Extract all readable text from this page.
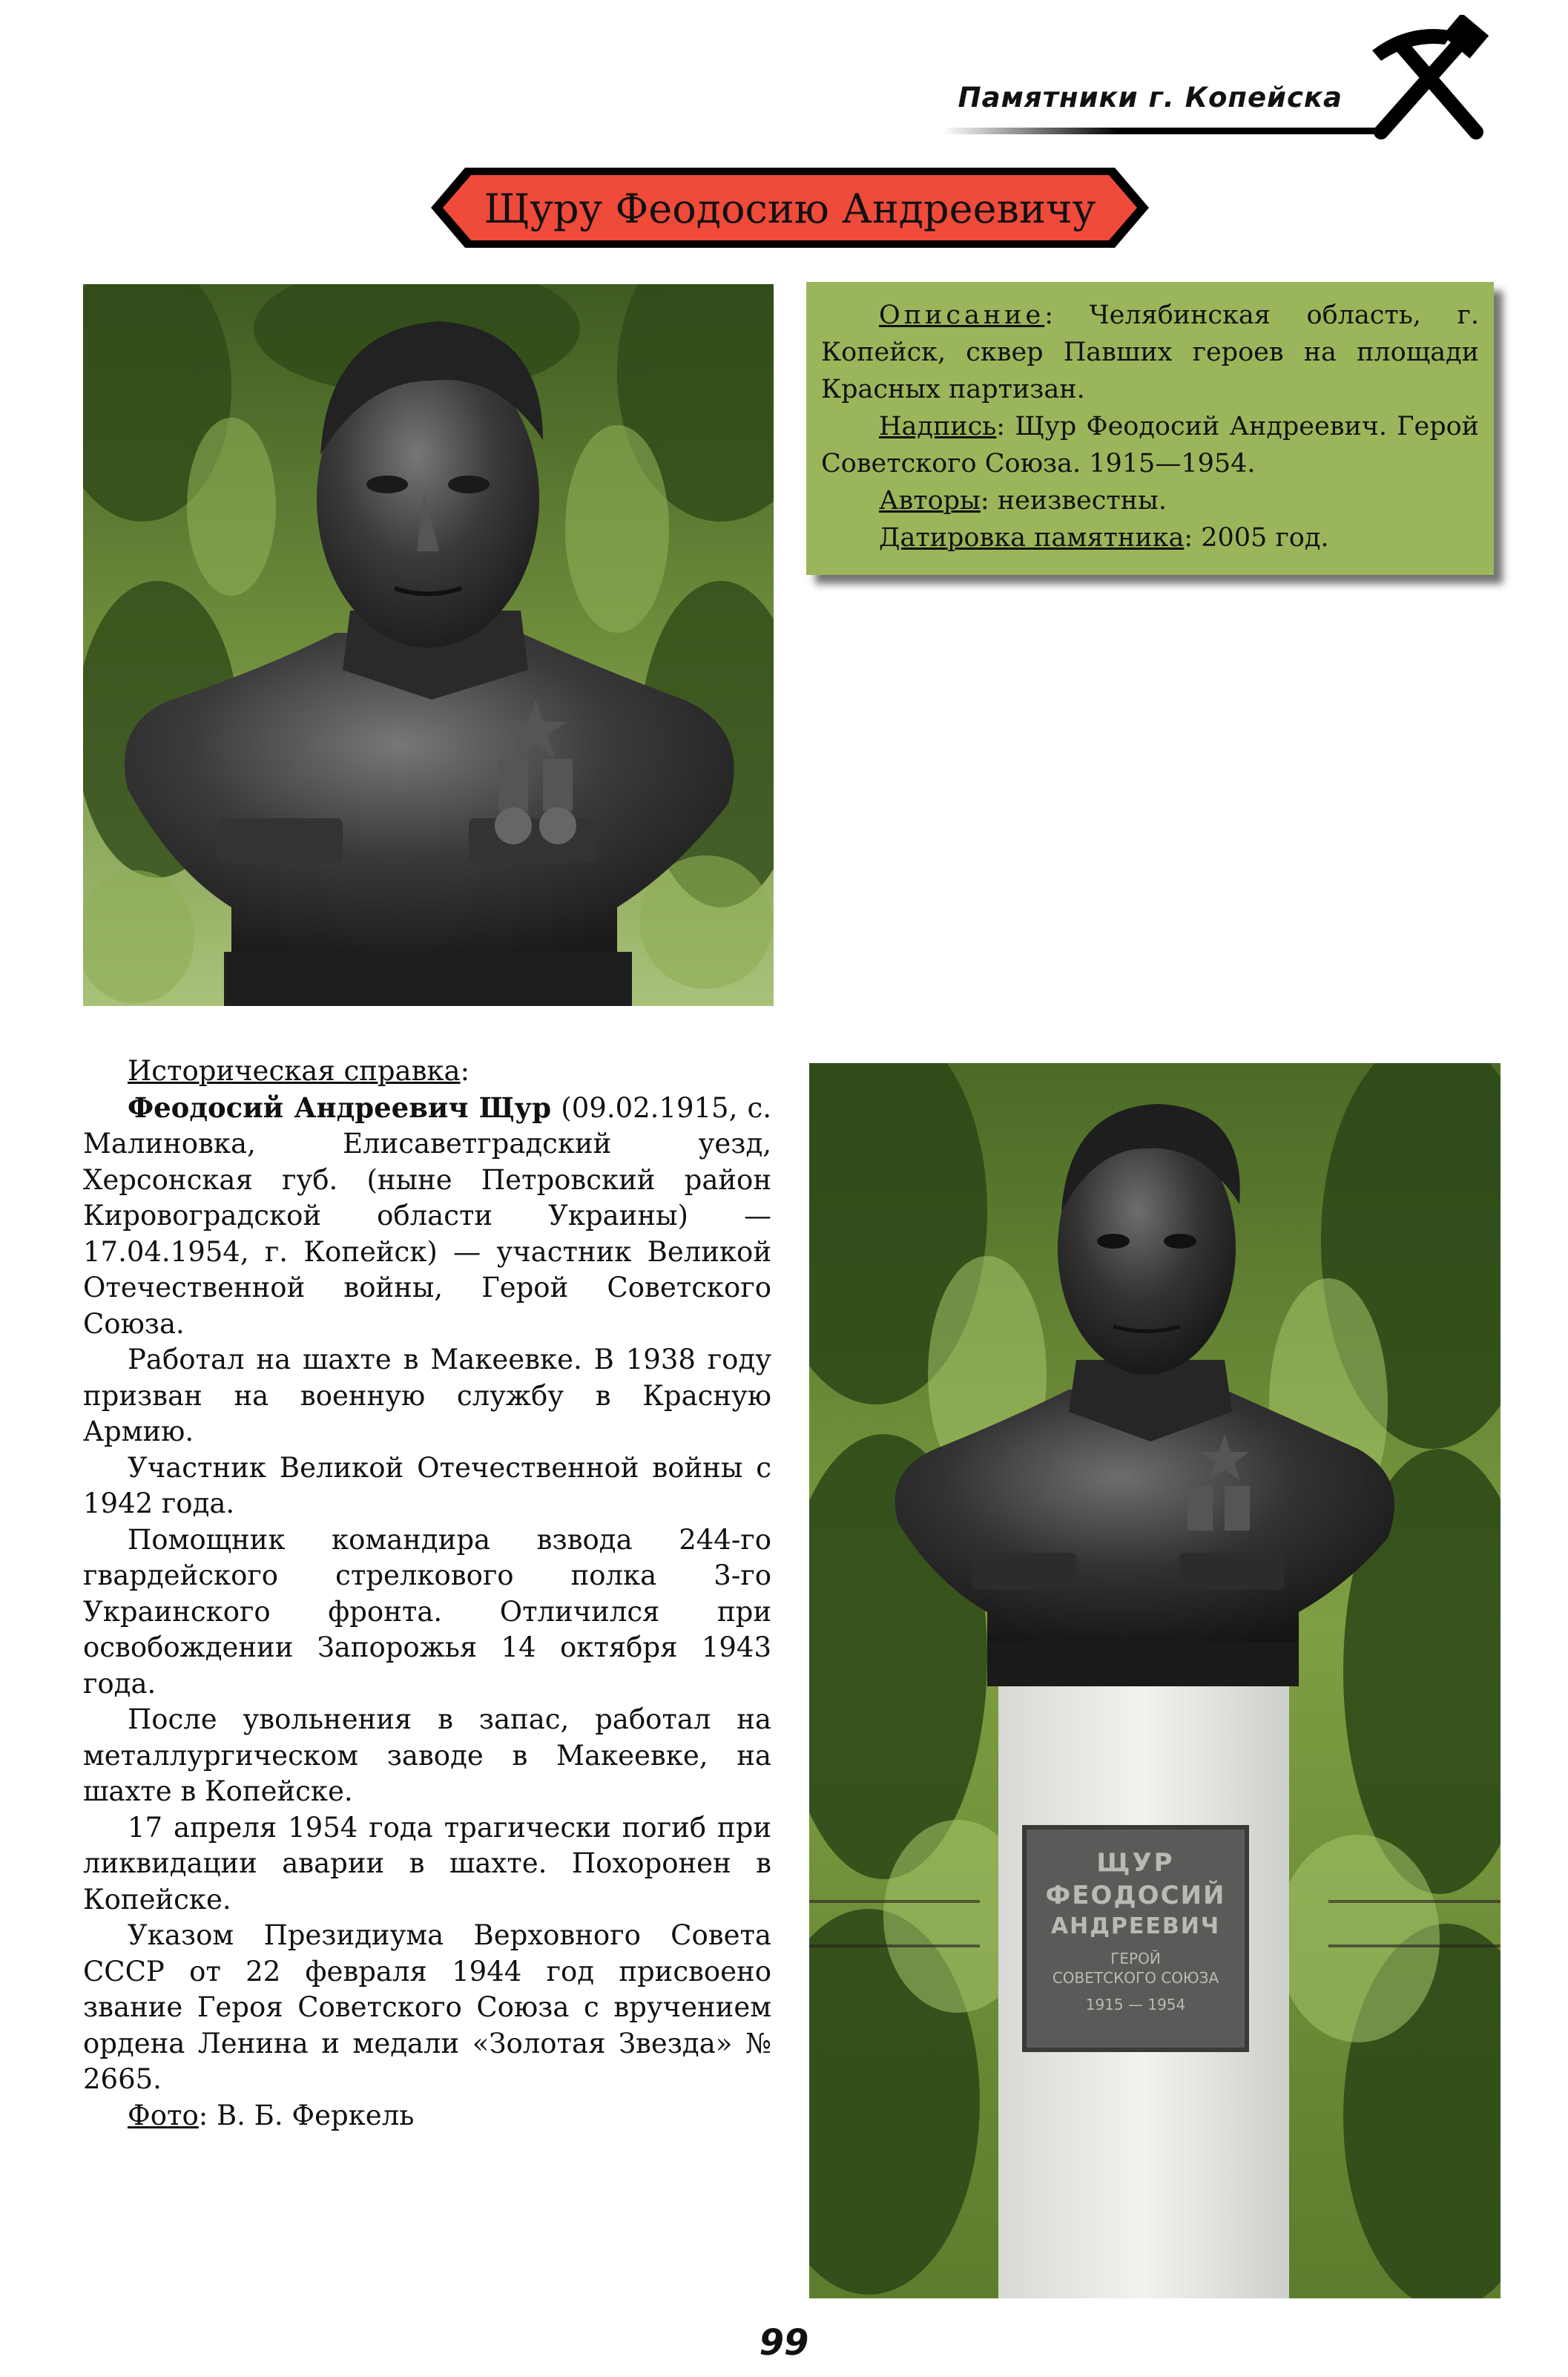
Памятники г. Копейска
Щуру Феодосию Андреевичу

Описание: Челябинская область, г. Копейск, сквер Павших героев на площади Красных партизан.

Надпись: Щур Феодосий Андреевич. Герой Советского Союза. 1915—1954.

Авторы: неизвестны.

Датировка памятника: 2005 год.

Историческая справка:

Феодосий Андреевич Щур (09.02.1915, с. Малиновка, Елисаветградский уезд, Херсонская губ. (ныне Петровский район Кировоградской области Украины) — 17.04.1954, г. Копейск) — участник Великой Отечественной войны, Герой Советского Союза.

Работал на шахте в Макеевке. В 1938 году призван на военную службу в Красную Армию.

Участник Великой Отечественной войны с 1942 года.

Помощник командира взвода 244-го гвардейского стрелкового полка 3-го Украинского фронта. Отличился при освобождении Запорожья 14 октября 1943 года.

После увольнения в запас, работал на металлургическом заводе в Макеевке, на шахте в Копейске.

17 апреля 1954 года трагически погиб при ликвидации аварии в шахте. Похоронен в Копейске.

Указом Президиума Верховного Совета СССР от 22 февраля 1944 год присвоено звание Героя Советского Союза с вручением ордена Ленина и медали «Золотая Звезда» № 2665.

Фото: В. Б. Феркель

ЩУР
ФЕОДОСИЙ
АНДРЕЕВИЧ
ГЕРОЙ
СОВЕТСКОГО СОЮЗА
1915 — 1954
99
